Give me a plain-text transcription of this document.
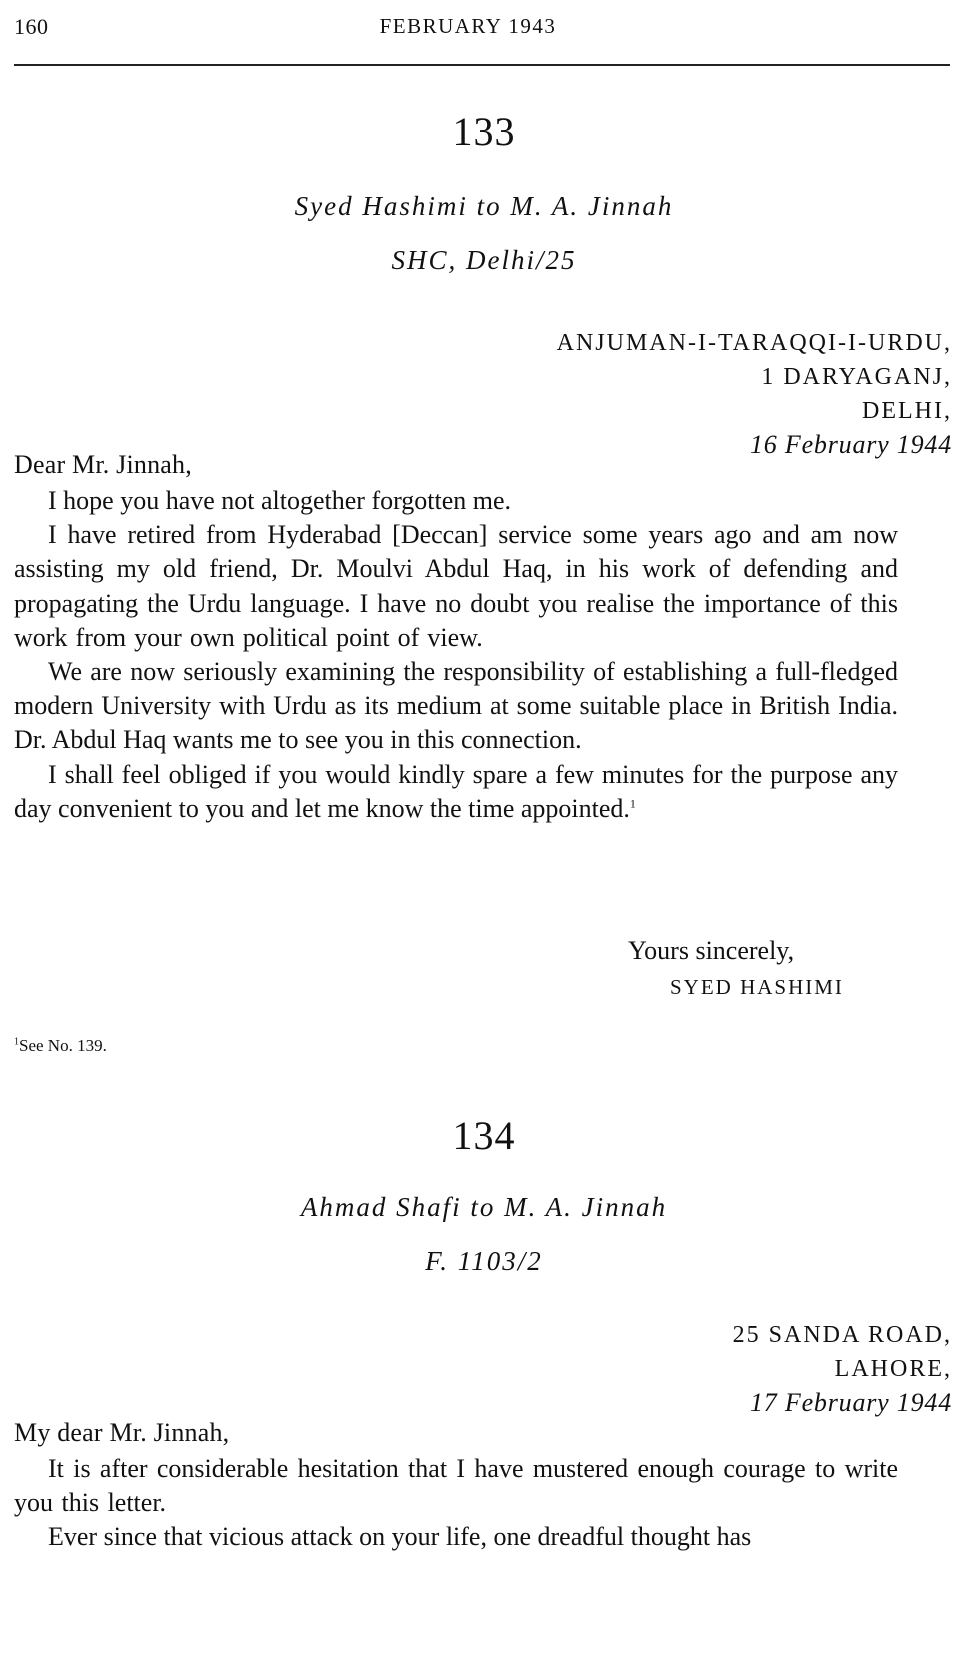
160	FEBRUARY 1943
133
Syed Hashimi to M. A. Jinnah
SHC, Delhi/25
ANJUMAN-I-TARAQQI-I-URDU,
1 DARYAGANJ,
DELHI,
16 February 1944
Dear Mr. Jinnah,

I hope you have not altogether forgotten me.

I have retired from Hyderabad [Deccan] service some years ago and am now assisting my old friend, Dr. Moulvi Abdul Haq, in his work of defending and propagating the Urdu language. I have no doubt you realise the importance of this work from your own political point of view.

We are now seriously examining the responsibility of establishing a full-fledged modern University with Urdu as its medium at some suitable place in British India. Dr. Abdul Haq wants me to see you in this connection.

I shall feel obliged if you would kindly spare a few minutes for the purpose any day convenient to you and let me know the time appointed.$^1$

Yours sincerely,
SYED HASHIMI
$^1$See No. 139.
134
Ahmad Shafi to M. A. Jinnah
F. 1103/2
25 SANDA ROAD,
LAHORE,
17 February 1944
My dear Mr. Jinnah,

It is after considerable hesitation that I have mustered enough courage to write you this letter.

Ever since that vicious attack on your life, one dreadful thought has
